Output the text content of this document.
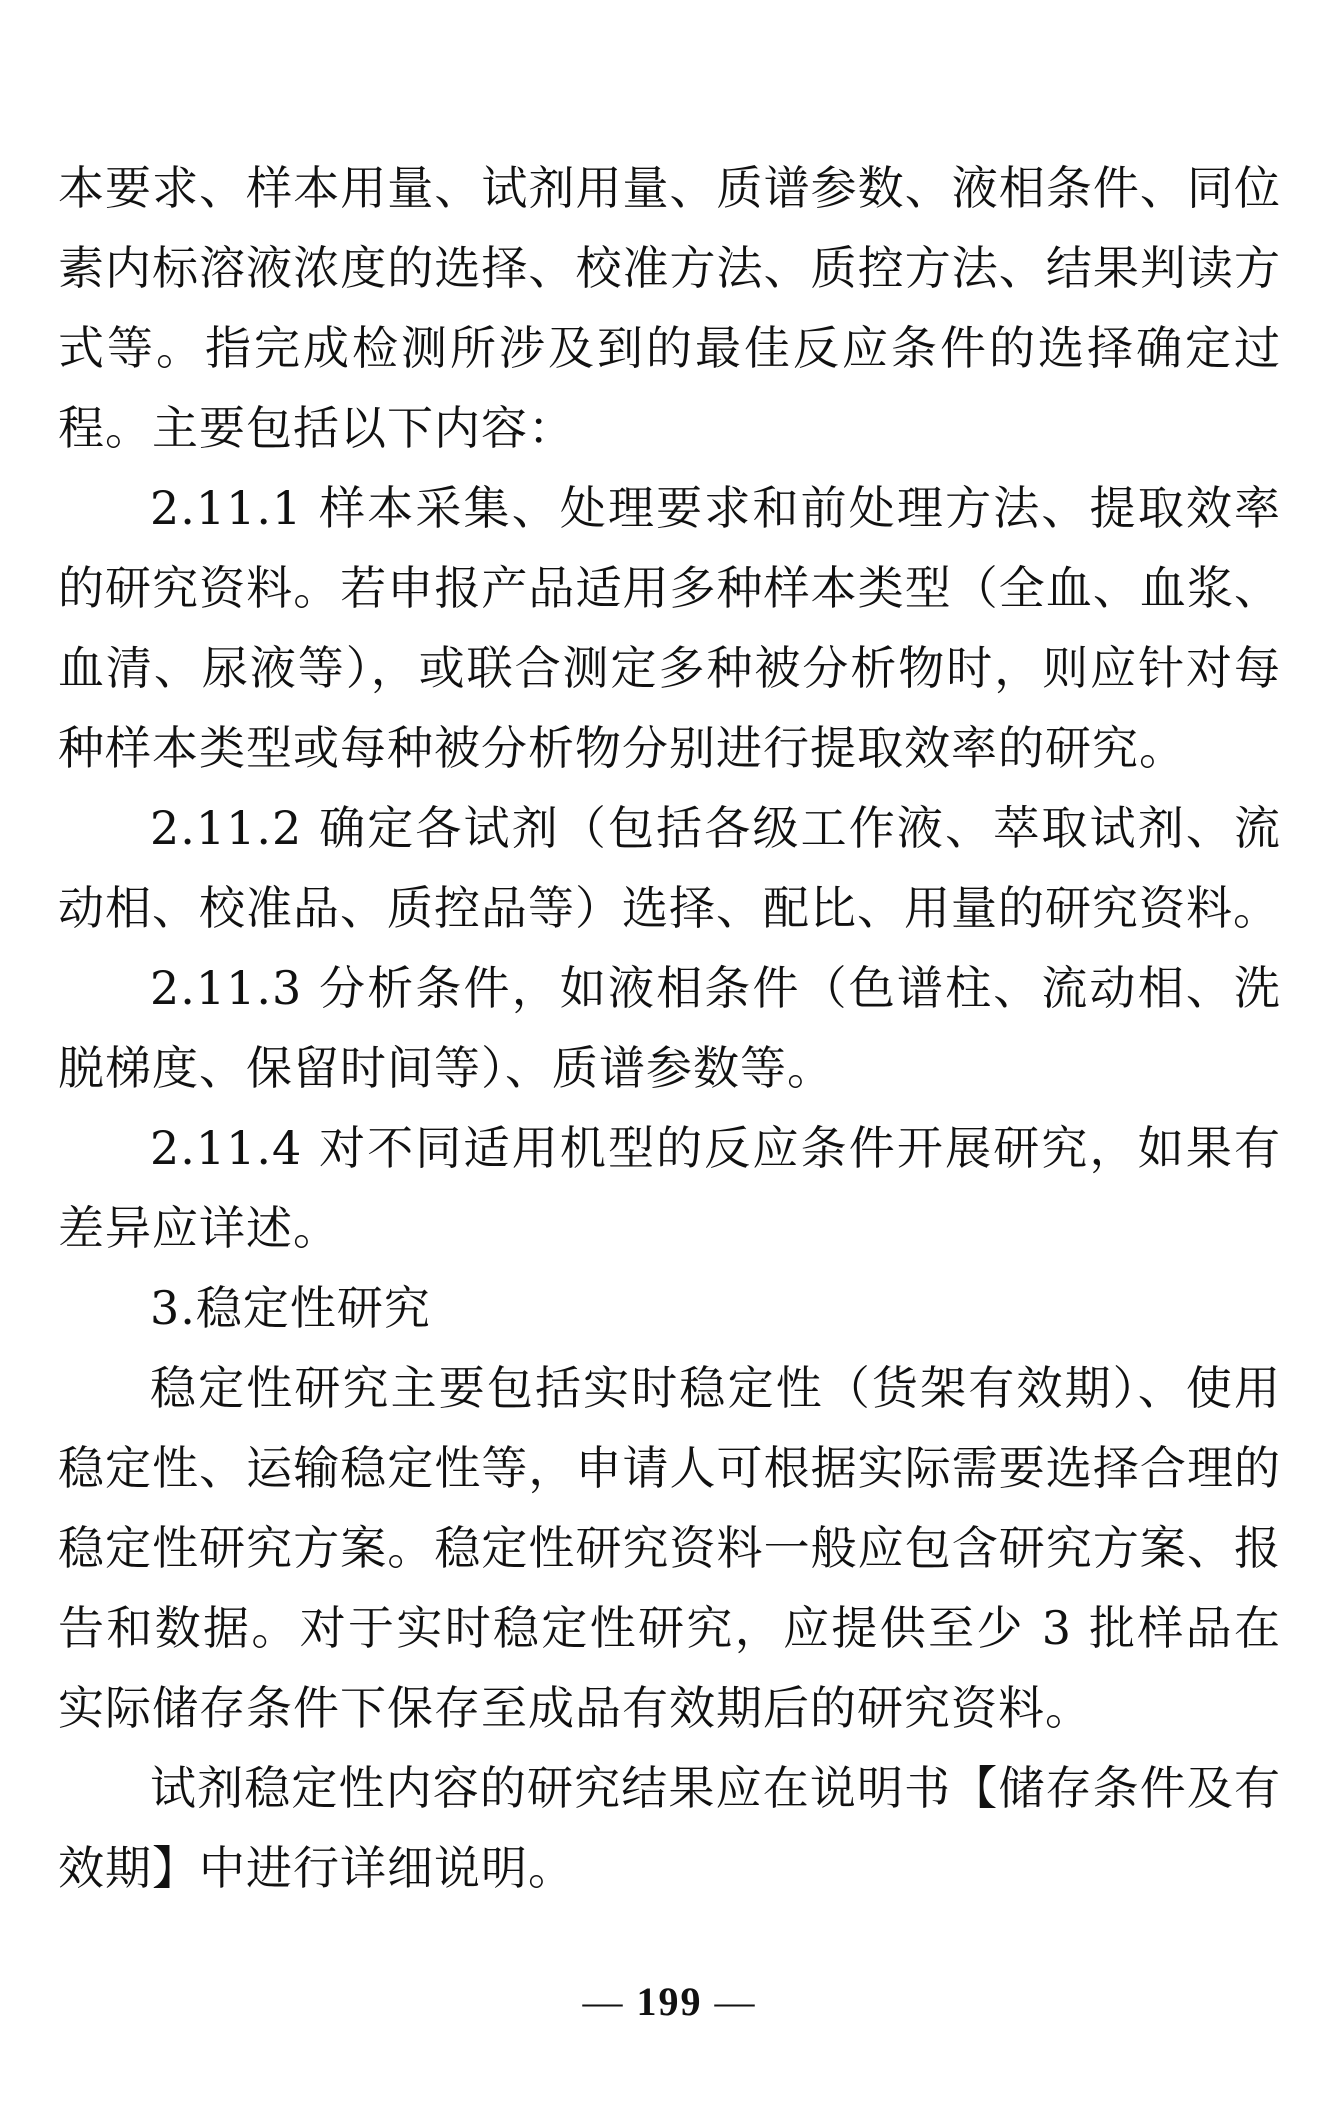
本要求、样本用量、试剂用量、质谱参数、液相条件、同位素内标溶液浓度的选择、校准方法、质控方法、结果判读方式等。指完成检测所涉及到的最佳反应条件的选择确定过程。主要包括以下内容：

2.11.1 样本采集、处理要求和前处理方法、提取效率的研究资料。若申报产品适用多种样本类型（全血、血浆、血清、尿液等），或联合测定多种被分析物时，则应针对每种样本类型或每种被分析物分别进行提取效率的研究。

2.11.2 确定各试剂（包括各级工作液、萃取试剂、流动相、校准品、质控品等）选择、配比、用量的研究资料。

2.11.3 分析条件，如液相条件（色谱柱、流动相、洗脱梯度、保留时间等）、质谱参数等。

2.11.4 对不同适用机型的反应条件开展研究，如果有差异应详述。

3.稳定性研究

稳定性研究主要包括实时稳定性（货架有效期）、使用稳定性、运输稳定性等，申请人可根据实际需要选择合理的稳定性研究方案。稳定性研究资料一般应包含研究方案、报告和数据。对于实时稳定性研究，应提供至少 3 批样品在实际储存条件下保存至成品有效期后的研究资料。

试剂稳定性内容的研究结果应在说明书【储存条件及有效期】中进行详细说明。

— 199 —
